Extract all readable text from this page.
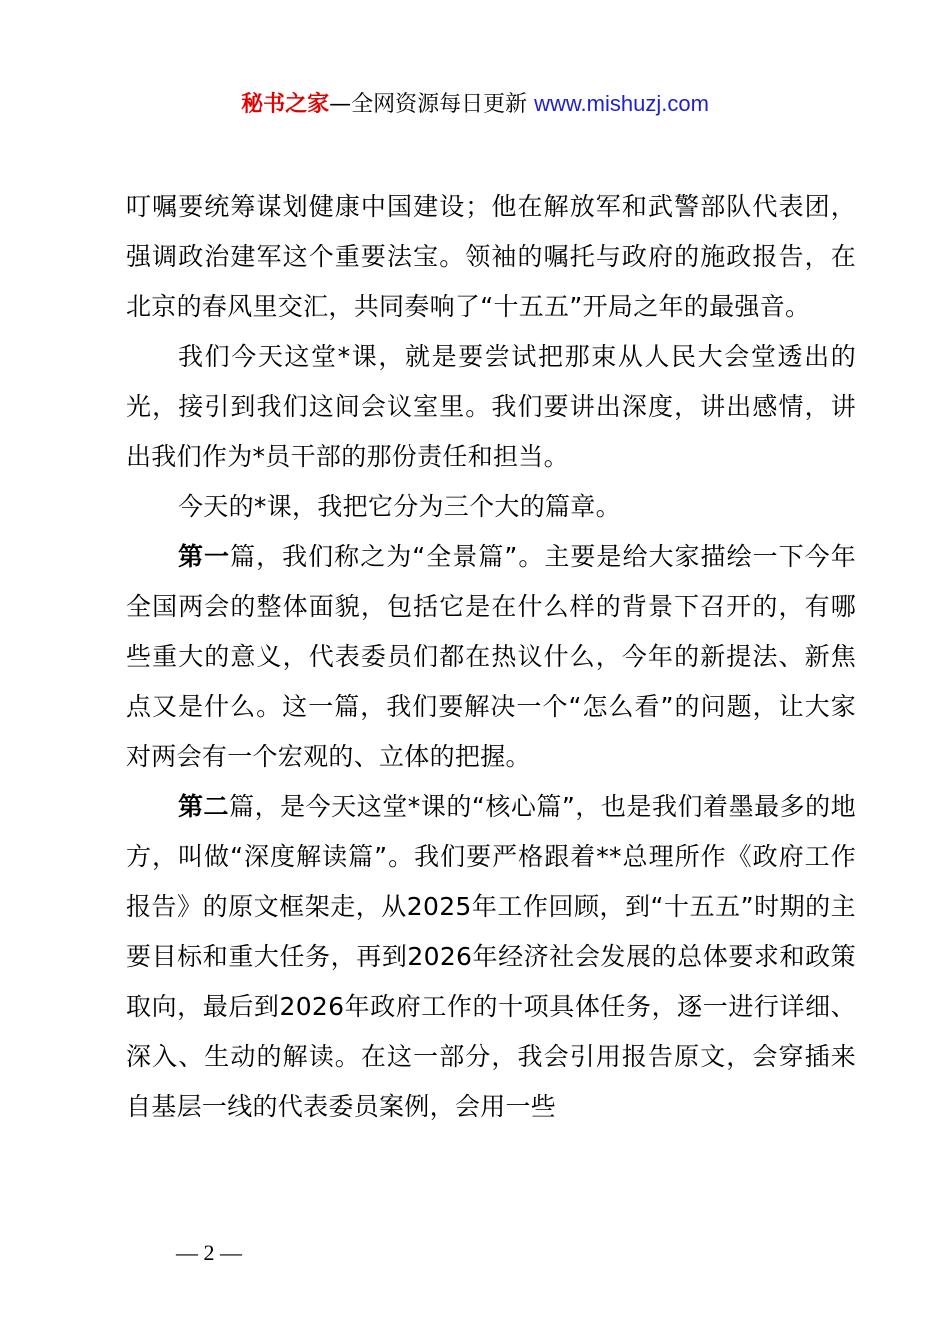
秘书之家—全网资源每日更新 www.mishuzj.com

叮嘱要统筹谋划健康中国建设；他在解放军和武警部队代表团，强调政治建军这个重要法宝。领袖的嘱托与政府的施政报告，在北京的春风里交汇，共同奏响了“十五五”开局之年的最强音。

我们今天这堂*课，就是要尝试把那束从人民大会堂透出的光，接引到我们这间会议室里。我们要讲出深度，讲出感情，讲出我们作为*员干部的那份责任和担当。

今天的*课，我把它分为三个大的篇章。

第一篇，我们称之为“全景篇”。主要是给大家描绘一下今年全国两会的整体面貌，包括它是在什么样的背景下召开的，有哪些重大的意义，代表委员们都在热议什么，今年的新提法、新焦点又是什么。这一篇，我们要解决一个“怎么看”的问题，让大家对两会有一个宏观的、立体的把握。

第二篇，是今天这堂*课的“核心篇”，也是我们着墨最多的地方，叫做“深度解读篇”。我们要严格跟着**总理所作《政府工作报告》的原文框架走，从2025年工作回顾，到“十五五”时期的主要目标和重大任务，再到2026年经济社会发展的总体要求和政策取向，最后到2026年政府工作的十项具体任务，逐一进行详细、深入、生动的解读。在这一部分，我会引用报告原文，会穿插来自基层一线的代表委员案例，会用一些

— 2 —
